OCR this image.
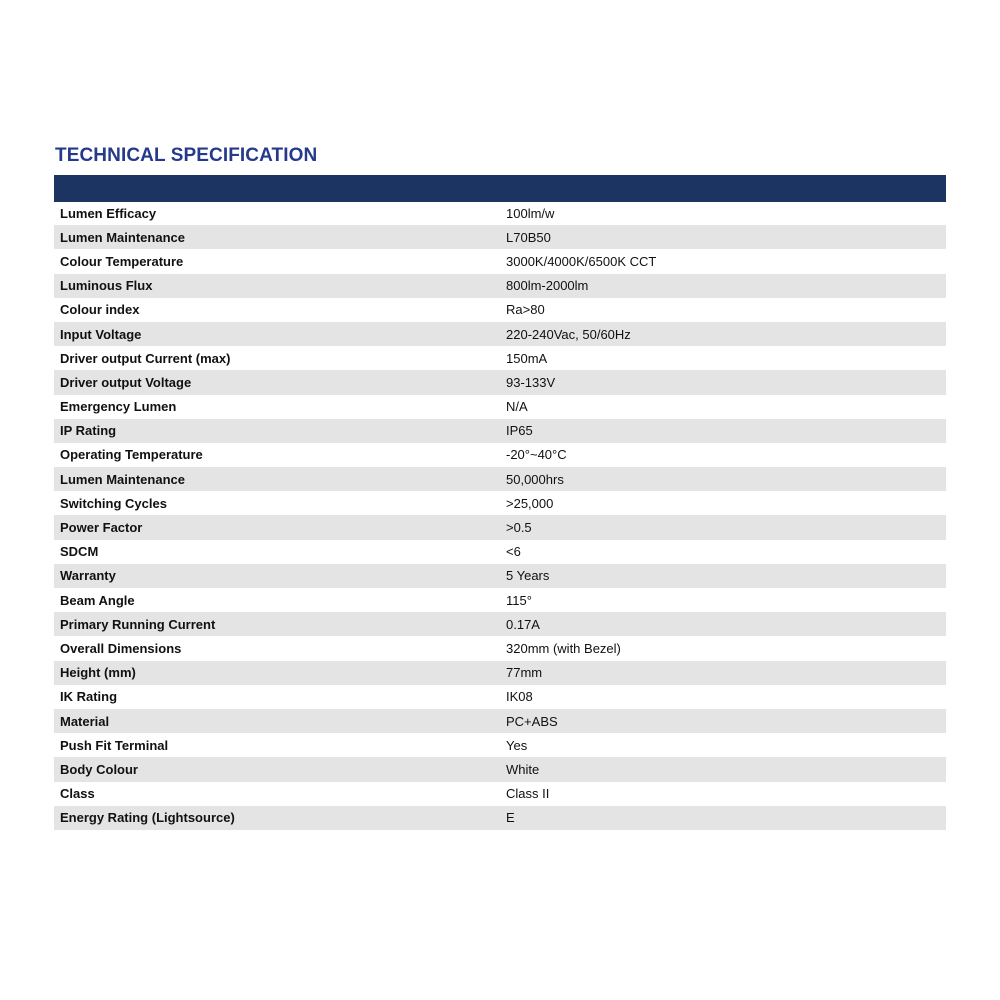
TECHNICAL SPECIFICATION
Lumen Efficacy	100lm/w
Lumen Maintenance	L70B50
Colour Temperature	3000K/4000K/6500K CCT
Luminous Flux	800lm-2000lm
Colour index	Ra>80
Input Voltage	220-240Vac, 50/60Hz
Driver output Current (max)	150mA
Driver output Voltage	93-133V
Emergency Lumen	N/A
IP Rating	IP65
Operating Temperature	-20°~40°C
Lumen Maintenance	50,000hrs
Switching Cycles	>25,000
Power Factor	>0.5
SDCM	<6
Warranty	5 Years
Beam Angle	115°
Primary Running Current	0.17A
Overall Dimensions	320mm (with Bezel)
Height (mm)	77mm
IK Rating	IK08
Material	PC+ABS
Push Fit Terminal	Yes
Body Colour	White
Class	Class II
Energy Rating (Lightsource)	E
